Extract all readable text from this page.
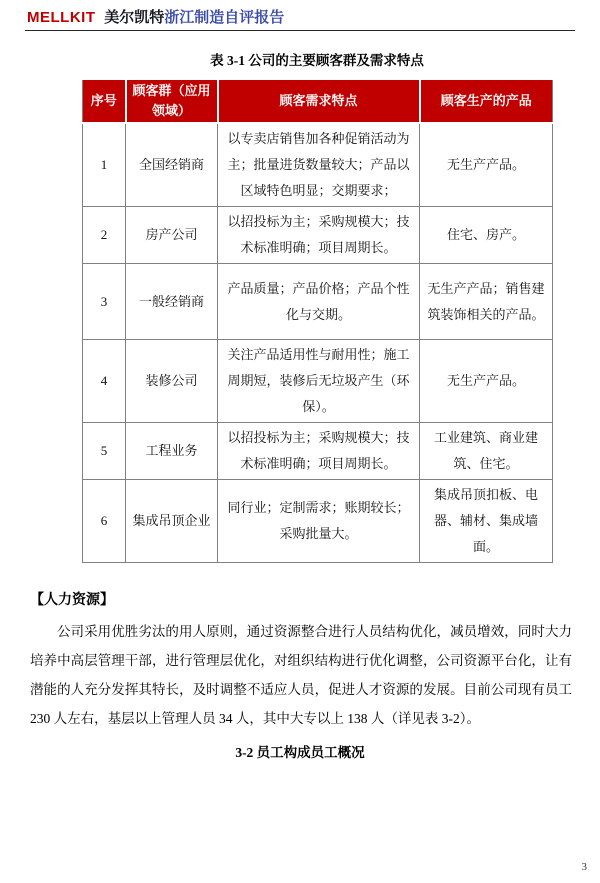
MELLKIT 美尔凯特浙江制造自评报告
表 3-1 公司的主要顾客群及需求特点
序号	顾客群（应用领域）	顾客需求特点	顾客生产的产品
1	全国经销商	以专卖店销售加各种促销活动为主；批量进货数量较大；产品以区域特色明显；交期要求；	无生产产品。
2	房产公司	以招投标为主；采购规模大；技术标准明确；项目周期长。	住宅、房产。
3	一般经销商	产品质量；产品价格；产品个性化与交期。	无生产产品；销售建筑装饰相关的产品。
4	装修公司	关注产品适用性与耐用性；施工周期短，装修后无垃圾产生（环保）。	无生产产品。
5	工程业务	以招投标为主；采购规模大；技术标准明确；项目周期长。	工业建筑、商业建筑、住宅。
6	集成吊顶企业	同行业；定制需求；账期较长；采购批量大。	集成吊顶扣板、电器、辅材、集成墙面。
【人力资源】

公司采用优胜劣汰的用人原则，通过资源整合进行人员结构优化，减员增效，同时大力培养中高层管理干部，进行管理层优化，对组织结构进行优化调整，公司资源平台化，让有潜能的人充分发挥其特长，及时调整不适应人员，促进人才资源的发展。目前公司现有员工 230 人左右，基层以上管理人员 34 人，其中大专以上 138 人（详见表 3-2）。

3-2 员工构成员工概况
3
